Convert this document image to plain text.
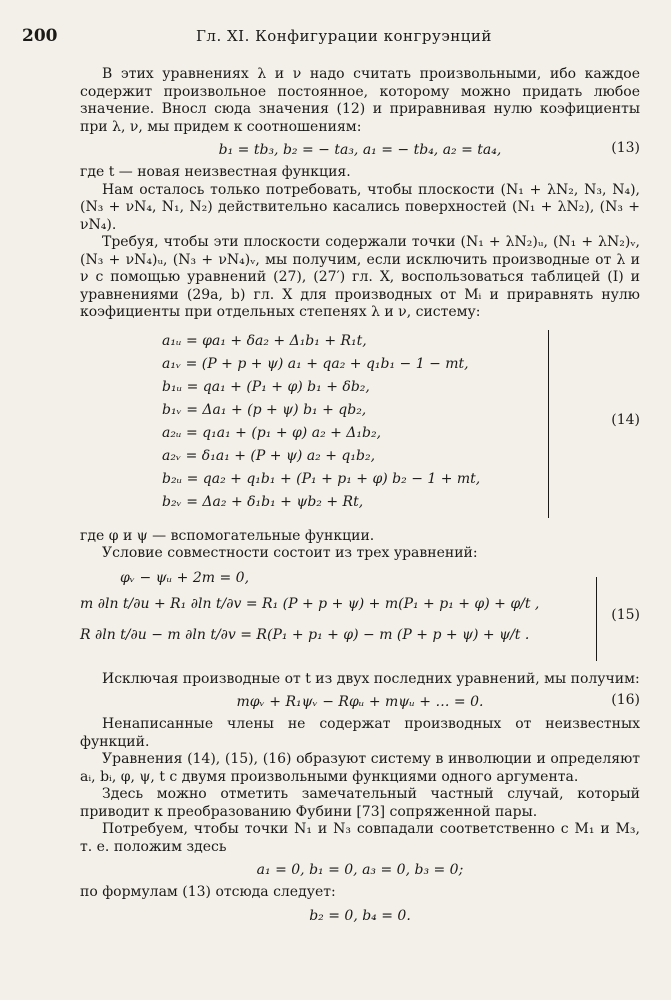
200	Гл. XI. Конфигурации конгруэнций

В этих уравнениях λ и ν надо считать произвольными, ибо каждое содержит произвольное постоянное, которому можно придать любое значение. Вносл сюда значения (12) и приравнивая нулю коэфициенты при λ, ν, мы придем к соотношениям:

b₁ = tb₃, b₂ = − ta₃, a₁ = − tb₄, a₂ = ta₄,	(13)

где t — новая неизвестная функция.

Нам осталось только потребовать, чтобы плоскости (N₁ + λN₂, N₃, N₄), (N₃ + νN₄, N₁, N₂) действительно касались поверхностей (N₁ + λN₂), (N₃ + νN₄).

Требуя, чтобы эти плоскости содержали точки (N₁ + λN₂)ᵤ, (N₁ + λN₂)ᵥ, (N₃ + νN₄)ᵤ, (N₃ + νN₄)ᵥ, мы получим, если исключить производные от λ и ν с помощью уравнений (27), (27′) гл. X, воспользоваться таблицей (I) и уравнениями (29a, b) гл. X для производных от Mᵢ и приравнять нулю коэфициенты при отдельных степенях λ и ν, систему:

a₁ᵤ = φa₁ + δa₂ + Δ₁b₁ + R₁t,
a₁ᵥ = (P + p + ψ) a₁ + qa₂ + q₁b₁ − 1 − mt,
b₁ᵤ = qa₁ + (P₁ + φ) b₁ + δb₂,
b₁ᵥ = Δa₁ + (p + ψ) b₁ + qb₂,
a₂ᵤ = q₁a₁ + (p₁ + φ) a₂ + Δ₁b₂,
a₂ᵥ = δ₁a₁ + (P + ψ) a₂ + q₁b₂,
b₂ᵤ = qa₂ + q₁b₁ + (P₁ + p₁ + φ) b₂ − 1 + mt,
b₂ᵥ = Δa₂ + δ₁b₁ + ψb₂ + Rt,
(14)

где φ и ψ — вспомогательные функции.

Условие совместности состоит из трех уравнений:

φᵥ − ψᵤ + 2m = 0,
m ∂ln t/∂u + R₁ ∂ln t/∂v = R₁ (P + p + ψ) + m(P₁ + p₁ + φ) + φ/t ,
R ∂ln t/∂u − m ∂ln t/∂v = R(P₁ + p₁ + φ) − m (P + p + ψ) + ψ/t .
(15)

Исключая производные от t из двух последних уравнений, мы получим:

mφᵥ + R₁ψᵥ − Rφᵤ + mψᵤ + … = 0.	(16)

Ненаписанные члены не содержат производных от неизвестных функций.

Уравнения (14), (15), (16) образуют систему в инволюции и определяют aᵢ, bᵢ, φ, ψ, t с двумя произвольными функциями одного аргумента.

Здесь можно отметить замечательный частный случай, который приводит к преобразованию Фубини [73] сопряженной пары.

Потребуем, чтобы точки N₁ и N₃ совпадали соответственно с M₁ и M₃, т. е. положим здесь

a₁ = 0, b₁ = 0, a₃ = 0, b₃ = 0;

по формулам (13) отсюда следует:

b₂ = 0, b₄ = 0.
